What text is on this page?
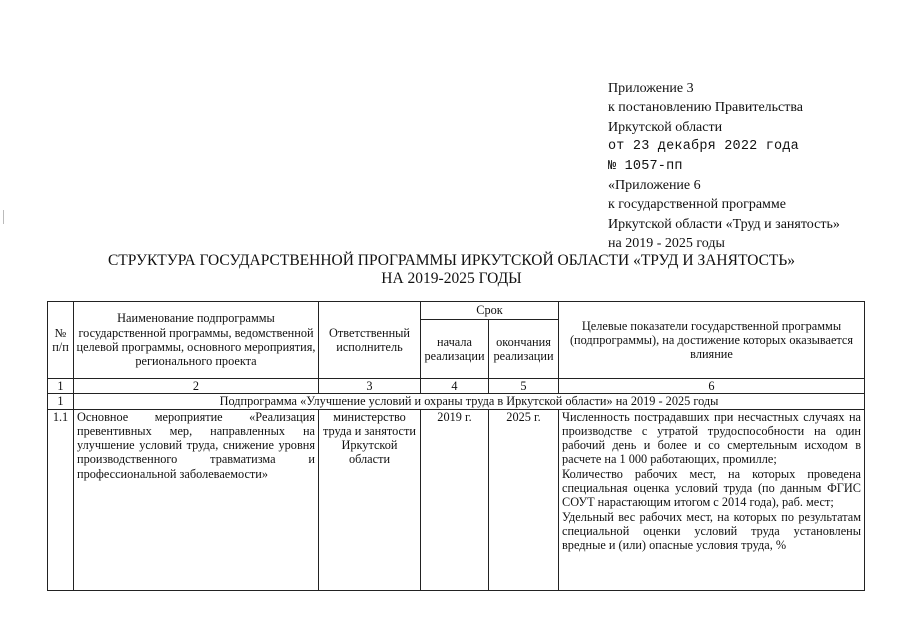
Приложение 3
к постановлению Правительства
Иркутской области
от 23 декабря 2022 года
№ 1057-пп
«Приложение 6
к государственной программе
Иркутской области «Труд и занятость»
на 2019 - 2025 годы
СТРУКТУРА ГОСУДАРСТВЕННОЙ ПРОГРАММЫ ИРКУТСКОЙ ОБЛАСТИ «ТРУД И ЗАНЯТОСТЬ»
НА 2019-2025 ГОДЫ
№ п/п	Наименование подпрограммы государственной программы, ведомственной целевой программы, основного мероприятия, регионального проекта	Ответственный исполнитель	Срок		Целевые показатели государственной программы (подпрограммы), на достижение которых оказывается влияние
			начала реализации	окончания реализации	
1	2	3	4	5	6
1	Подпрограмма «Улучшение условий и охраны труда в Иркутской области» на 2019 - 2025 годы				
1.1	Основное мероприятие «Реализация превентивных мер, направленных на улучшение условий труда, снижение уровня производственного травматизма и профессиональной заболеваемости»	министерство труда и занятости Иркутской области	2019 г.	2025 г.	Численность пострадавших при несчастных случаях на производстве с утратой трудоспособности на один рабочий день и более и со смертельным исходом в расчете на 1 000 работающих, промилле;
Количество рабочих мест, на которых проведена специальная оценка условий труда (по данным ФГИС СОУТ нарастающим итогом с 2014 года), раб. мест;
Удельный вес рабочих мест, на которых по результатам специальной оценки условий труда установлены вредные и (или) опасные условия труда, %
